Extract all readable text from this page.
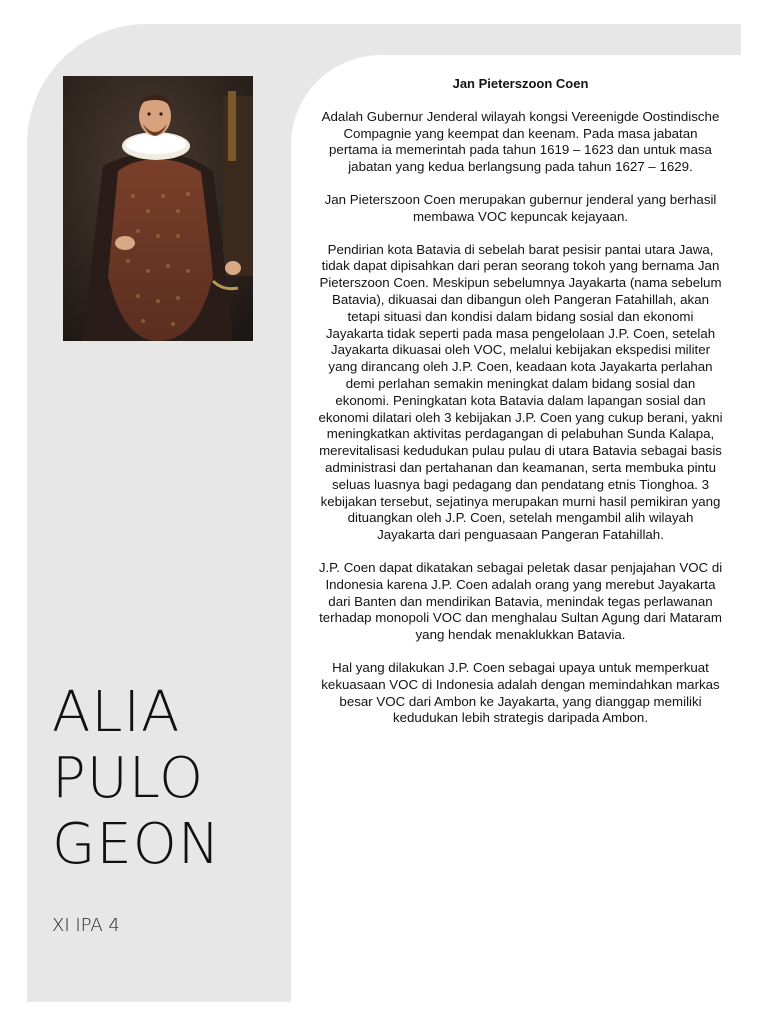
ALIA
PULO
GEON
XI IPA 4
Jan Pieterszoon Coen

Adalah Gubernur Jenderal wilayah kongsi Vereenigde Oostindische Compagnie yang keempat dan keenam. Pada masa jabatan pertama ia memerintah pada tahun 1619 – 1623 dan untuk masa jabatan yang kedua berlangsung pada tahun 1627 – 1629.

Jan Pieterszoon Coen merupakan gubernur jenderal yang berhasil membawa VOC kepuncak kejayaan.

Pendirian kota Batavia di sebelah barat pesisir pantai utara Jawa, tidak dapat dipisahkan dari peran seorang tokoh yang bernama Jan Pieterszoon Coen. Meskipun sebelumnya Jayakarta (nama sebelum Batavia), dikuasai dan dibangun oleh Pangeran Fatahillah, akan tetapi situasi dan kondisi dalam bidang sosial dan ekonomi Jayakarta tidak seperti pada masa pengelolaan J.P. Coen, setelah Jayakarta dikuasai oleh VOC, melalui kebijakan ekspedisi militer yang dirancang oleh J.P. Coen, keadaan kota Jayakarta perlahan demi perlahan semakin meningkat dalam bidang sosial dan ekonomi. Peningkatan kota Batavia dalam lapangan sosial dan ekonomi dilatari oleh 3 kebijakan J.P. Coen yang cukup berani, yakni meningkatkan aktivitas perdagangan di pelabuhan Sunda Kalapa, merevitalisasi kedudukan pulau pulau di utara Batavia sebagai basis administrasi dan pertahanan dan keamanan, serta membuka pintu seluas luasnya bagi pedagang dan pendatang etnis Tionghoa. 3 kebijakan tersebut, sejatinya merupakan murni hasil pemikiran yang dituangkan oleh J.P. Coen, setelah mengambil alih wilayah Jayakarta dari penguasaan Pangeran Fatahillah.

J.P. Coen dapat dikatakan sebagai peletak dasar penjajahan VOC di Indonesia karena J.P. Coen adalah orang yang merebut Jayakarta dari Banten dan mendirikan Batavia, menindak tegas perlawanan terhadap monopoli VOC dan menghalau Sultan Agung dari Mataram yang hendak menaklukkan Batavia.

Hal yang dilakukan J.P. Coen sebagai upaya untuk memperkuat kekuasaan VOC di Indonesia adalah dengan memindahkan markas besar VOC dari Ambon ke Jayakarta, yang dianggap memiliki kedudukan lebih strategis daripada Ambon.
